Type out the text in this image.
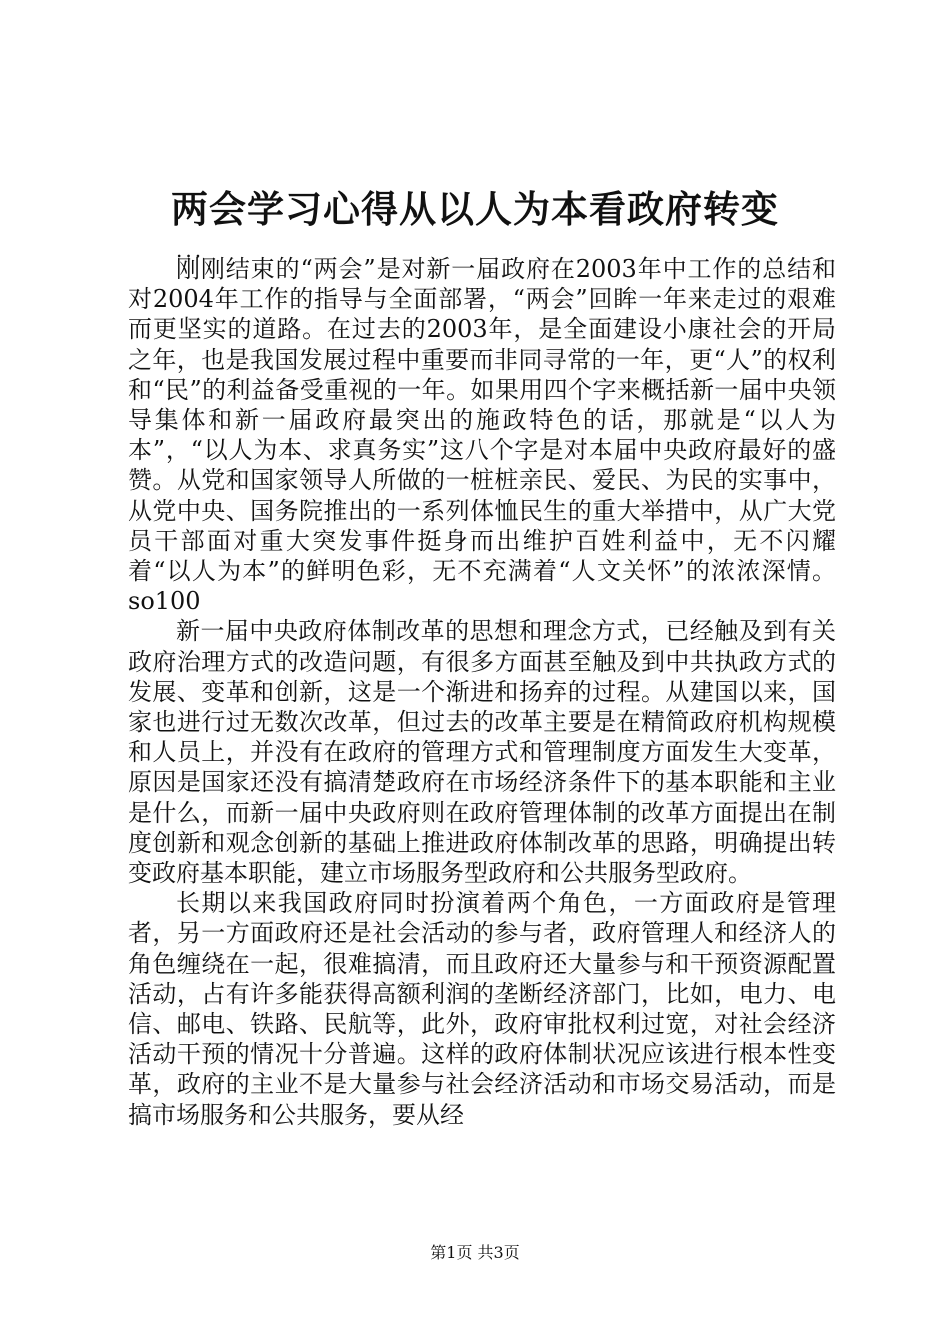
两会学习心得从以人为本看政府转变
...

刚刚结束的“两会”是对新一届政府在2003年中工作的总结和对2004年工作的指导与全面部署，“两会”回眸一年来走过的艰难而更坚实的道路。在过去的2003年，是全面建设小康社会的开局之年，也是我国发展过程中重要而非同寻常的一年，更“人”的权利和“民”的利益备受重视的一年。如果用四个字来概括新一届中央领导集体和新一届政府最突出的施政特色的话，那就是“以人为本”，“以人为本、求真务实”这八个字是对本届中央政府最好的盛赞。从党和国家领导人所做的一桩桩亲民、爱民、为民的实事中，从党中央、国务院推出的一系列体恤民生的重大举措中，从广大党员干部面对重大突发事件挺身而出维护百姓利益中，无不闪耀着“以人为本”的鲜明色彩，无不充满着“人文关怀”的浓浓深情。so100

新一届中央政府体制改革的思想和理念方式，已经触及到有关政府治理方式的改造问题，有很多方面甚至触及到中共执政方式的发展、变革和创新，这是一个渐进和扬弃的过程。从建国以来，国家也进行过无数次改革，但过去的改革主要是在精简政府机构规模和人员上，并没有在政府的管理方式和管理制度方面发生大变革，原因是国家还没有搞清楚政府在市场经济条件下的基本职能和主业是什么，而新一届中央政府则在政府管理体制的改革方面提出在制度创新和观念创新的基础上推进政府体制改革的思路，明确提出转变政府基本职能，建立市场服务型政府和公共服务型政府。

长期以来我国政府同时扮演着两个角色，一方面政府是管理者，另一方面政府还是社会活动的参与者，政府管理人和经济人的角色缠绕在一起，很难搞清，而且政府还大量参与和干预资源配置活动，占有许多能获得高额利润的垄断经济部门，比如，电力、电信、邮电、铁路、民航等，此外，政府审批权利过宽，对社会经济活动干预的情况十分普遍。这样的政府体制状况应该进行根本性变革，政府的主业不是大量参与社会经济活动和市场交易活动，而是搞市场服务和公共服务，要从经

第1页 共3页
